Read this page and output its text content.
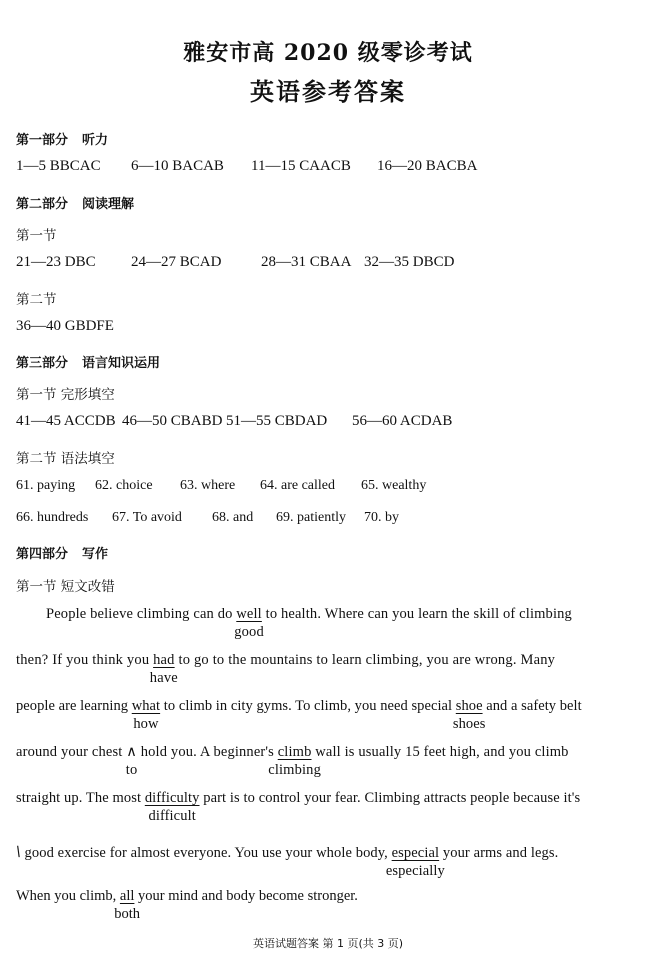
雅安市高 2020 级零诊考试
英语参考答案
第一部分 听力
1—5 BBCAC 6—10 BACAB 11—15 CAACB 16—20 BACBA
第二部分 阅读理解
第一节
21—23 DBC 24—27 BCAD	28—31 CBAA 32—35 DBCD
第二节
36—40 GBDFE
第三部分 语言知识运用
第一节 完形填空
41—45 ACCDB 46—50 CBABD 51—55 CBDAD 56—60 ACDAB
第二节 语法填空
61. paying 62. choice 63. where 64. are called 65. wealthy
66. hundreds 67. To avoid 68. and 69. patiently 70. by
第四部分 写作
第一节 短文改错
People believe climbing can do well
good
to health. Where can you learn the skill of climbing
then? If you think you had
have
to go to the mountains to learn climbing, you are wrong. Many
people are learning what
how
to climb in city gyms. To climb, you need special shoe
shoes
and a safety belt
around your chest ∧
to
hold you. A beginner's climb
climbing
wall is usually 15 feet high, and you climb
straight up. The most difficulty
difficult
part is to control your fear. Climbing attracts people because it's
\ good exercise for almost everyone. You use your whole body, especial
especially
your arms and legs.
When you climb, all
both
your mind and body become stronger.
英语试题答案 第 1 页(共 3 页)
